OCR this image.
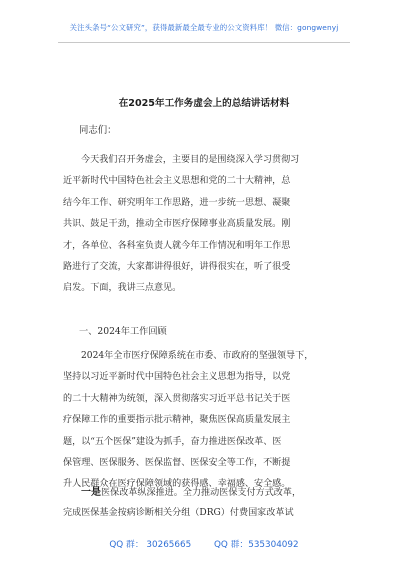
关注头条号“公文研究”，获得最新最全最专业的公文资料库！ 微信：gongwenyj
在2025年工作务虚会上的总结讲话材料
同志们：
今天我们召开务虚会，主要目的是围绕深入学习贯彻习
近平新时代中国特色社会主义思想和党的二十大精神，总
结今年工作、研究明年工作思路，进一步统一思想、凝聚
共识、鼓足干劲，推动全市医疗保障事业高质量发展。刚
才，各单位、各科室负责人就今年工作情况和明年工作思
路进行了交流，大家都讲得很好，讲得很实在，听了很受
启发。下面，我讲三点意见。
一、2024年工作回顾
2024年全市医疗保障系统在市委、市政府的坚强领导下，
坚持以习近平新时代中国特色社会主义思想为指导，以党
的二十大精神为统领，深入贯彻落实习近平总书记关于医
疗保障工作的重要指示批示精神，聚焦医保高质量发展主
题，以“五个医保”建设为抓手，奋力推进医保改革、医
保管理、医保服务、医保监督、医保安全等工作，不断提
升人民群众在医疗保障领域的获得感、幸福感、安全感。
一是医保改革纵深推进。全力推动医保支付方式改革，
完成医保基金按病诊断相关分组（DRG）付费国家改革试
QQ 群： 30265665	QQ 群：535304092
